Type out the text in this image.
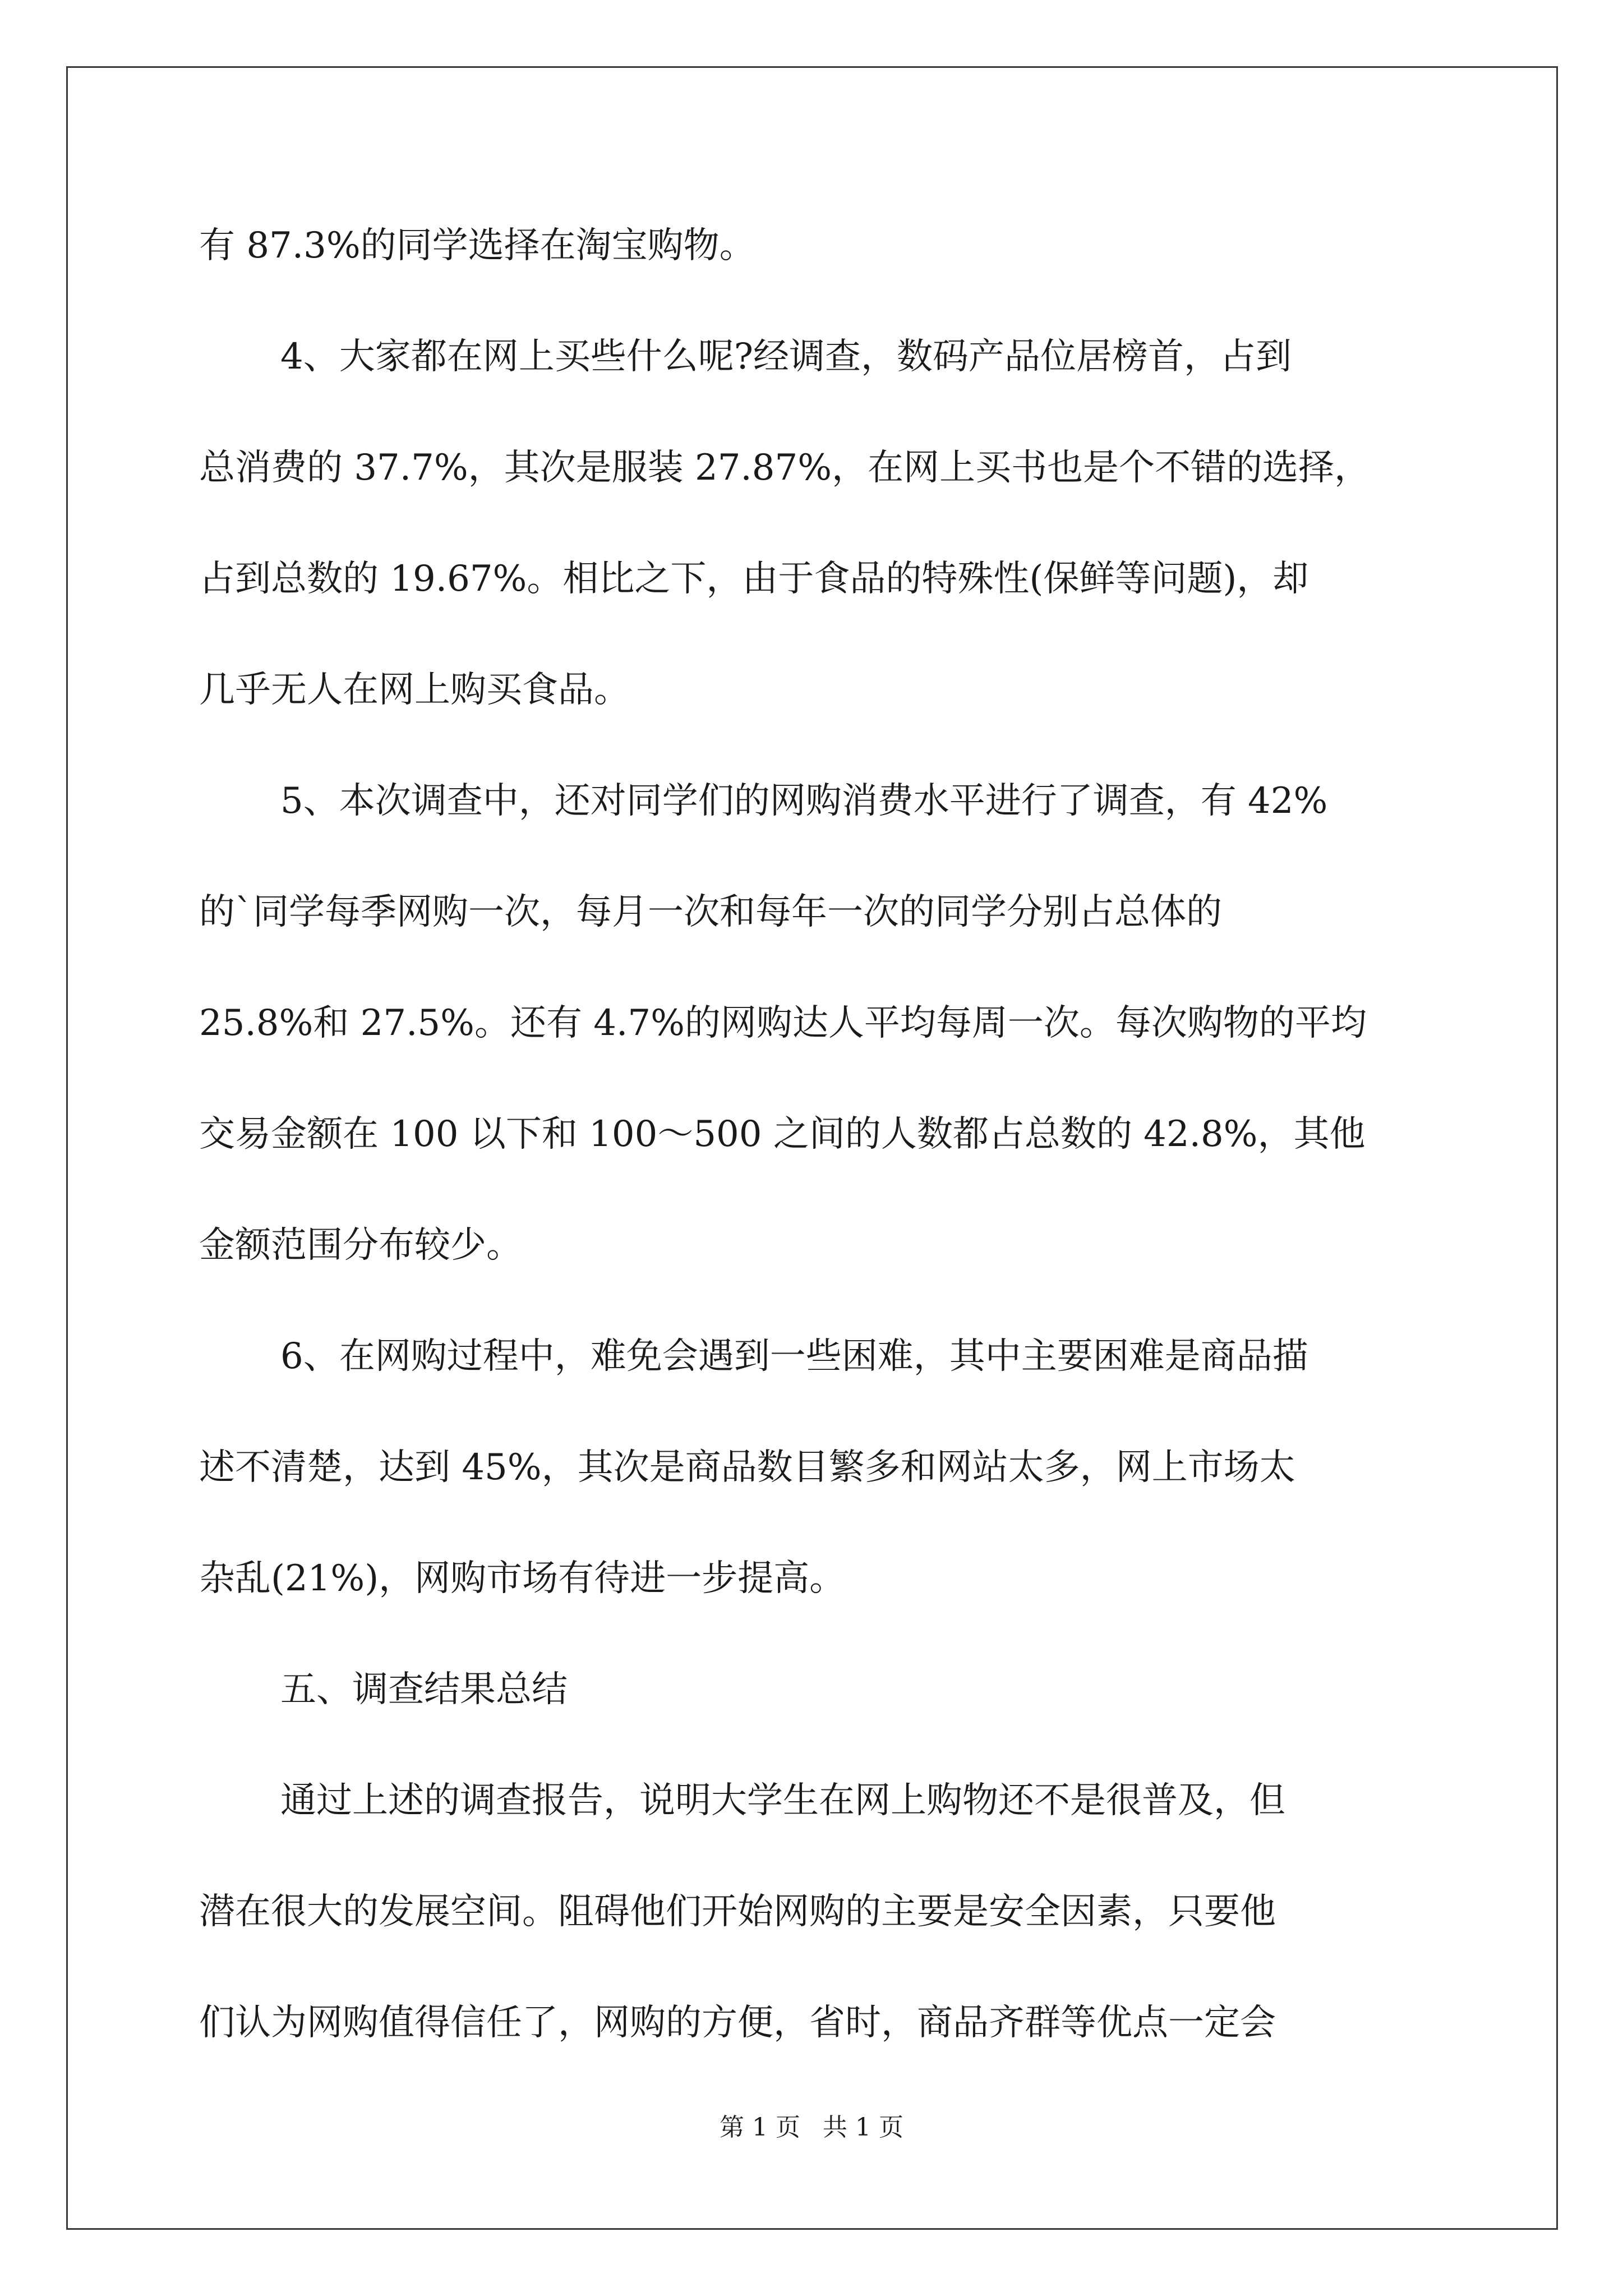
有 87.3%的同学选择在淘宝购物。

4、大家都在网上买些什么呢?经调查，数码产品位居榜首，占到

总消费的 37.7%，其次是服装 27.87%，在网上买书也是个不错的选择，

占到总数的 19.67%。相比之下，由于食品的特殊性(保鲜等问题)，却

几乎无人在网上购买食品。

5、本次调查中，还对同学们的网购消费水平进行了调查，有 42%

的`同学每季网购一次，每月一次和每年一次的同学分别占总体的

25.8%和 27.5%。还有 4.7%的网购达人平均每周一次。每次购物的平均

交易金额在 100 以下和 100～500 之间的人数都占总数的 42.8%，其他

金额范围分布较少。

6、在网购过程中，难免会遇到一些困难，其中主要困难是商品描

述不清楚，达到 45%，其次是商品数目繁多和网站太多，网上市场太

杂乱(21%)，网购市场有待进一步提高。

五、调查结果总结

通过上述的调查报告，说明大学生在网上购物还不是很普及，但

潜在很大的发展空间。阻碍他们开始网购的主要是安全因素，只要他

们认为网购值得信任了，网购的方便，省时，商品齐群等优点一定会

第 1 页 共 1 页
